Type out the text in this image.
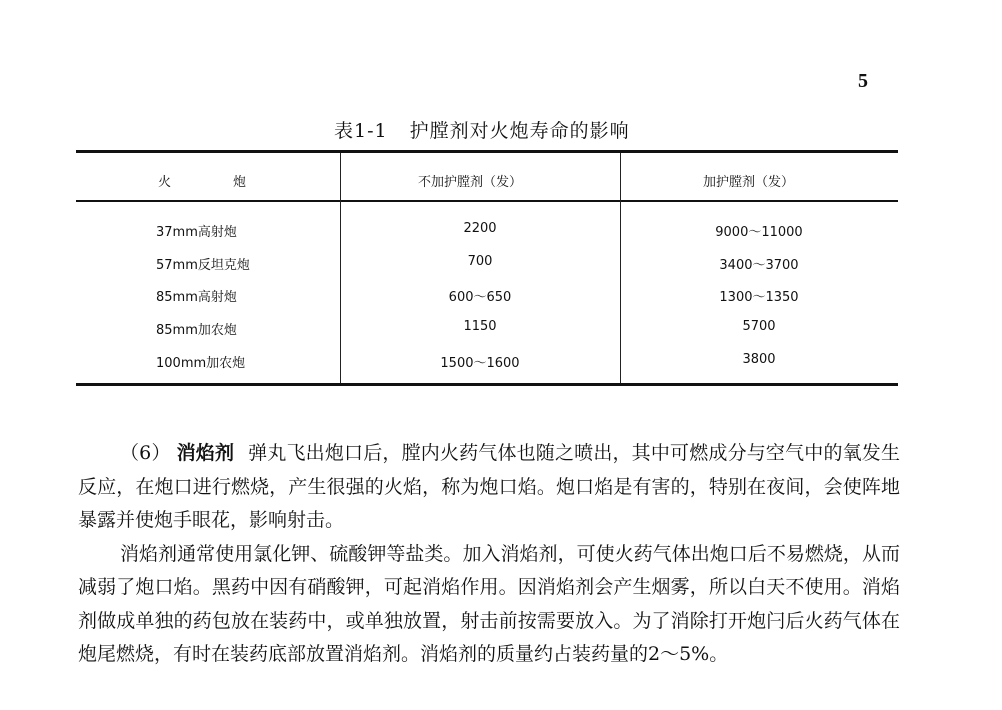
5
表1-1 护膛剂对火炮寿命的影响
火炮	不加护膛剂（发）	加护膛剂（发）
37mm高射炮	2200	9000～11000
57mm反坦克炮	700	3400～3700
85mm高射炮	600～650	1300～1350
85mm加农炮	1150	5700
100mm加农炮	1500～1600	3800

（6） 消焰剂 弹丸飞出炮口后，膛内火药气体也随之喷出，其中可燃成分与空气中的氧发生反应，在炮口进行燃烧，产生很强的火焰，称为炮口焰。炮口焰是有害的，特别在夜间，会使阵地暴露并使炮手眼花，影响射击。

消焰剂通常使用氯化钾、硫酸钾等盐类。加入消焰剂，可使火药气体出炮口后不易燃烧，从而减弱了炮口焰。黑药中因有硝酸钾，可起消焰作用。因消焰剂会产生烟雾，所以白天不使用。消焰剂做成单独的药包放在装药中，或单独放置，射击前按需要放入。为了消除打开炮闩后火药气体在炮尾燃烧，有时在装药底部放置消焰剂。消焰剂的质量约占装药量的2～5%。
